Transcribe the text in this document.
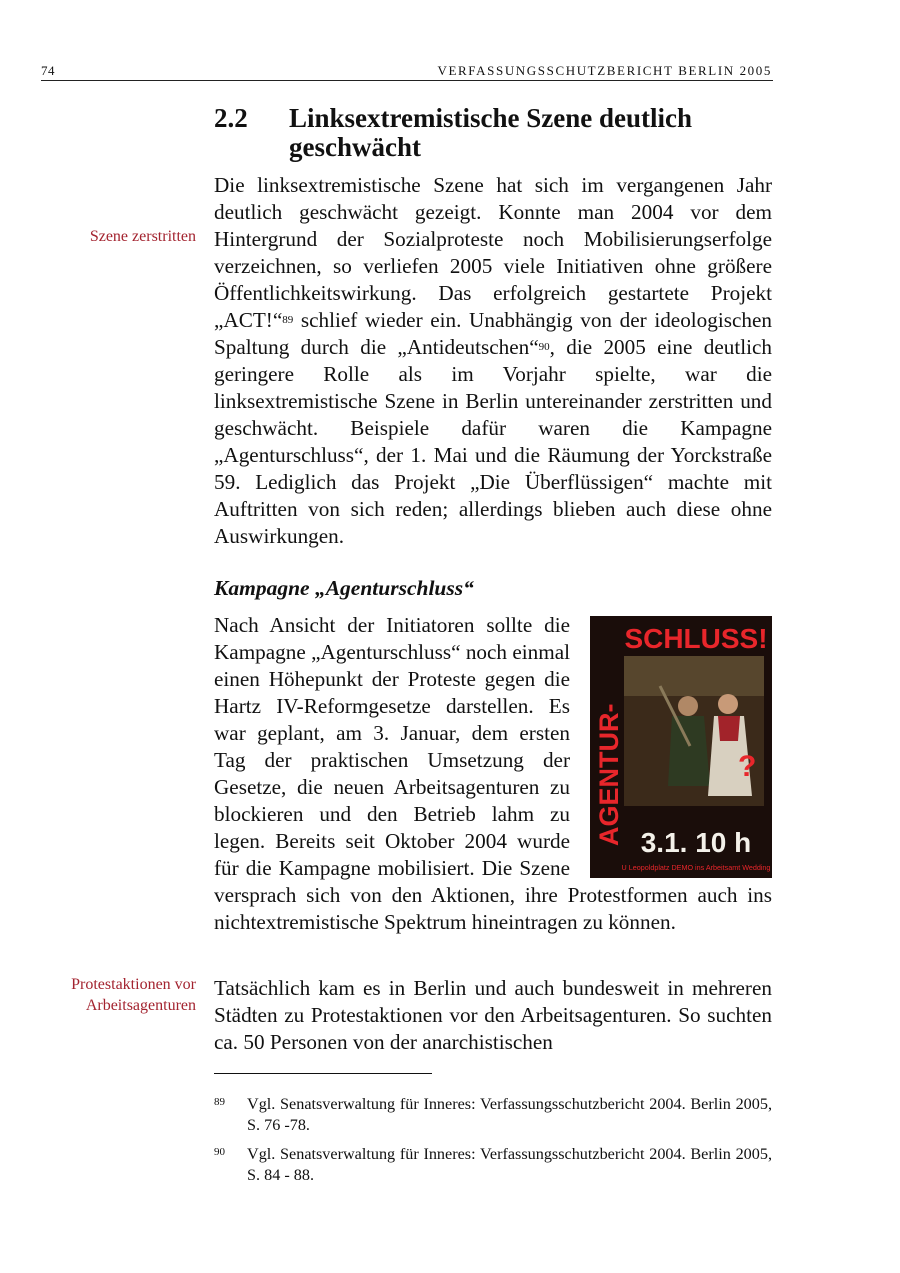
74	VERFASSUNGSSCHUTZBERICHT BERLIN 2005
2.2 Linksextremistische Szene deutlich geschwächt
Szene zerstritten
Protestaktionen vor Arbeitsagenturen

Die linksextremistische Szene hat sich im vergangenen Jahr deutlich geschwächt gezeigt. Konnte man 2004 vor dem Hintergrund der Sozialproteste noch Mobilisierungserfolge verzeichnen, so verliefen 2005 viele Initiativen ohne größere Öffentlichkeitswirkung. Das erfolgreich gestartete Projekt „ACT!“$^{89}$ schlief wieder ein. Unabhängig von der ideologischen Spaltung durch die „Antideutschen“$^{90}$, die 2005 eine deutlich geringere Rolle als im Vorjahr spielte, war die linksextremistische Szene in Berlin untereinander zerstritten und geschwächt. Beispiele dafür waren die Kampagne „Agenturschluss“, der 1. Mai und die Räumung der Yorckstraße 59. Lediglich das Projekt „Die Überflüssigen“ machte mit Auftritten von sich reden; allerdings blieben auch diese ohne Auswirkungen.

Kampagne „Agenturschluss“
SCHLUSS!
AGENTUR-	?
3.1. 10 h
U Leopoldplatz DEMO ins Arbeitsamt Wedding

Nach Ansicht der Initiatoren sollte die Kampagne „Agenturschluss“ noch einmal einen Höhepunkt der Proteste gegen die Hartz IV-Reformgesetze darstellen. Es war geplant, am 3. Januar, dem ersten Tag der praktischen Umsetzung der Gesetze, die neuen Arbeitsagenturen zu blockieren und den Betrieb lahm zu legen. Bereits seit Oktober 2004 wurde für die Kampagne mobilisiert. Die Szene versprach sich von den Aktionen, ihre Protestformen auch ins nichtextremistische Spektrum hineintragen zu können.

Tatsächlich kam es in Berlin und auch bundesweit in mehreren Städten zu Protestaktionen vor den Arbeitsagenturen. So suchten ca. 50 Personen von der anarchistischen

89 Vgl. Senatsverwaltung für Inneres: Verfassungsschutzbericht 2004. Berlin 2005, S. 76 -78.
90 Vgl. Senatsverwaltung für Inneres: Verfassungsschutzbericht 2004. Berlin 2005, S. 84 - 88.
